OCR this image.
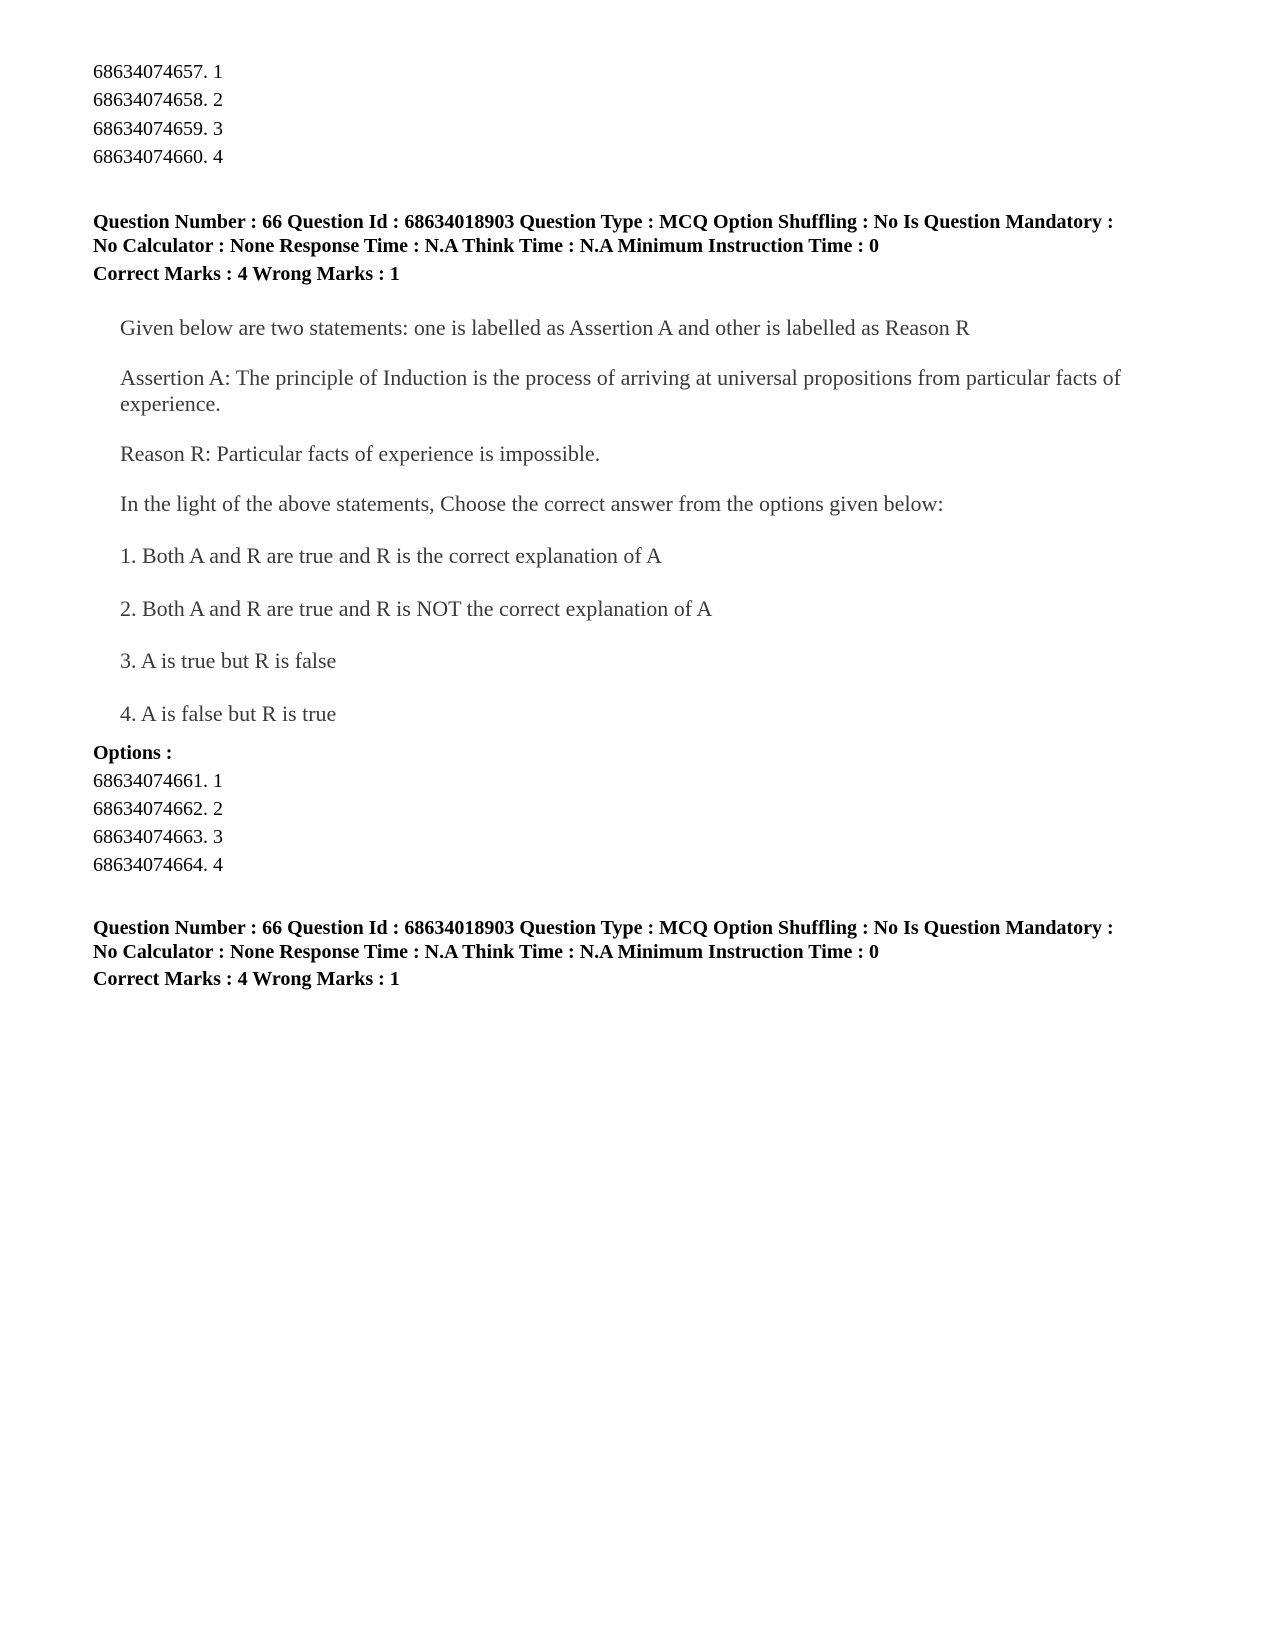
68634074657. 1
68634074658. 2
68634074659. 3
68634074660. 4
Question Number : 66 Question Id : 68634018903 Question Type : MCQ Option Shuffling : No Is Question Mandatory :
No Calculator : None Response Time : N.A Think Time : N.A Minimum Instruction Time : 0
Correct Marks : 4 Wrong Marks : 1

Given below are two statements: one is labelled as Assertion A and other is labelled as Reason R

Assertion A: The principle of Induction is the process of arriving at universal propositions from particular facts of experience.

Reason R: Particular facts of experience is impossible.

In the light of the above statements, Choose the correct answer from the options given below:

1. Both A and R are true and R is the correct explanation of A

2. Both A and R are true and R is NOT the correct explanation of A

3. A is true but R is false

4. A is false but R is true

Options :
68634074661. 1
68634074662. 2
68634074663. 3
68634074664. 4
Question Number : 66 Question Id : 68634018903 Question Type : MCQ Option Shuffling : No Is Question Mandatory :
No Calculator : None Response Time : N.A Think Time : N.A Minimum Instruction Time : 0
Correct Marks : 4 Wrong Marks : 1
